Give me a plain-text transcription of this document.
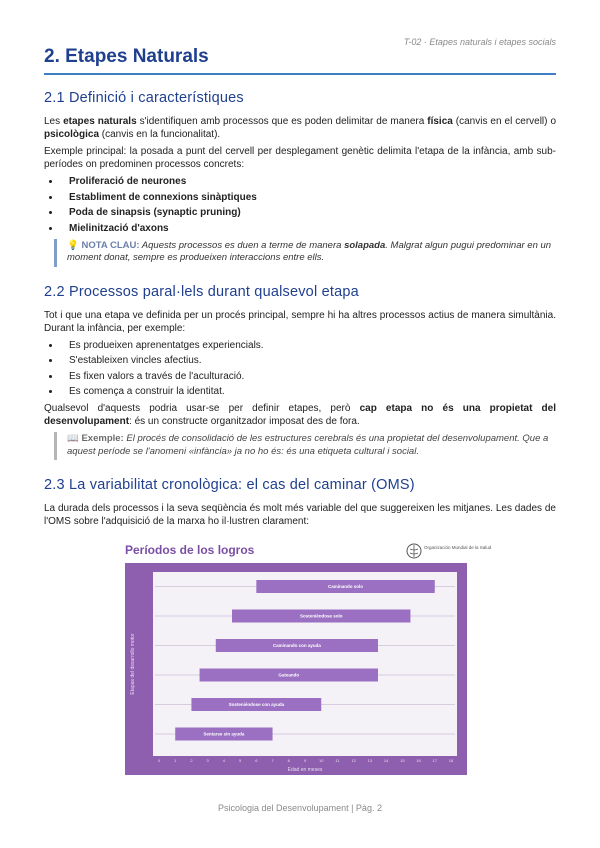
T-02 · Etapes naturals i etapes socials
2. Etapes Naturals
2.1 Definició i característiques

Les etapes naturals s'identifiquen amb processos que es poden delimitar de manera física (canvis en el cervell) o psicològica (canvis en la funcionalitat).

Exemple principal: la posada a punt del cervell per desplegament genètic delimita l'etapa de la infància, amb sub-períodes on predominen processos concrets:

• Proliferació de neurones
• Establiment de connexions sinàptiques
• Poda de sinapsis (synaptic pruning)
• Mielinització d'axons
💡 NOTA CLAU: Aquests processos es duen a terme de manera solapada. Malgrat algun pugui predominar en un moment donat, sempre es produeixen interaccions entre ells.
2.2 Processos paral·lels durant qualsevol etapa

Tot i que una etapa ve definida per un procés principal, sempre hi ha altres processos actius de manera simultània. Durant la infància, per exemple:

• Es produeixen aprenentatges experiencials.
• S'estableixen vincles afectius.
• Es fixen valors a través de l'aculturació.
• Es comença a construir la identitat.

Qualsevol d'aquests podria usar-se per definir etapes, però cap etapa no és una propietat del desenvolupament: és un constructe organitzador imposat des de fora.

📖 Exemple: El procés de consolidació de les estructures cerebrals és una propietat del desenvolupament. Que a aquest període se l'anomeni «infància» ja no ho és: és una etiqueta cultural i social.
2.3 La variabilitat cronològica: el cas del caminar (OMS)

La durada dels processos i la seva seqüència és molt més variable del que suggereixen les mitjanes. Les dades de l'OMS sobre l'adquisició de la marxa ho il·lustren clarament:

Períodos de los logros	Organización Mundial de la Salud
Caminando solo
Sosteniéndose solo
Caminando con ayuda
Gateando
Sosteniéndose con ayuda
Sentarse sin ayuda
0	1	2	3	4	5	6	7	8	9	10	11	12	13	14	15	16	17	18
Etapas del desarrollo motor
Edad en meses
Psicologia del Desenvolupament | Pàg. 2
